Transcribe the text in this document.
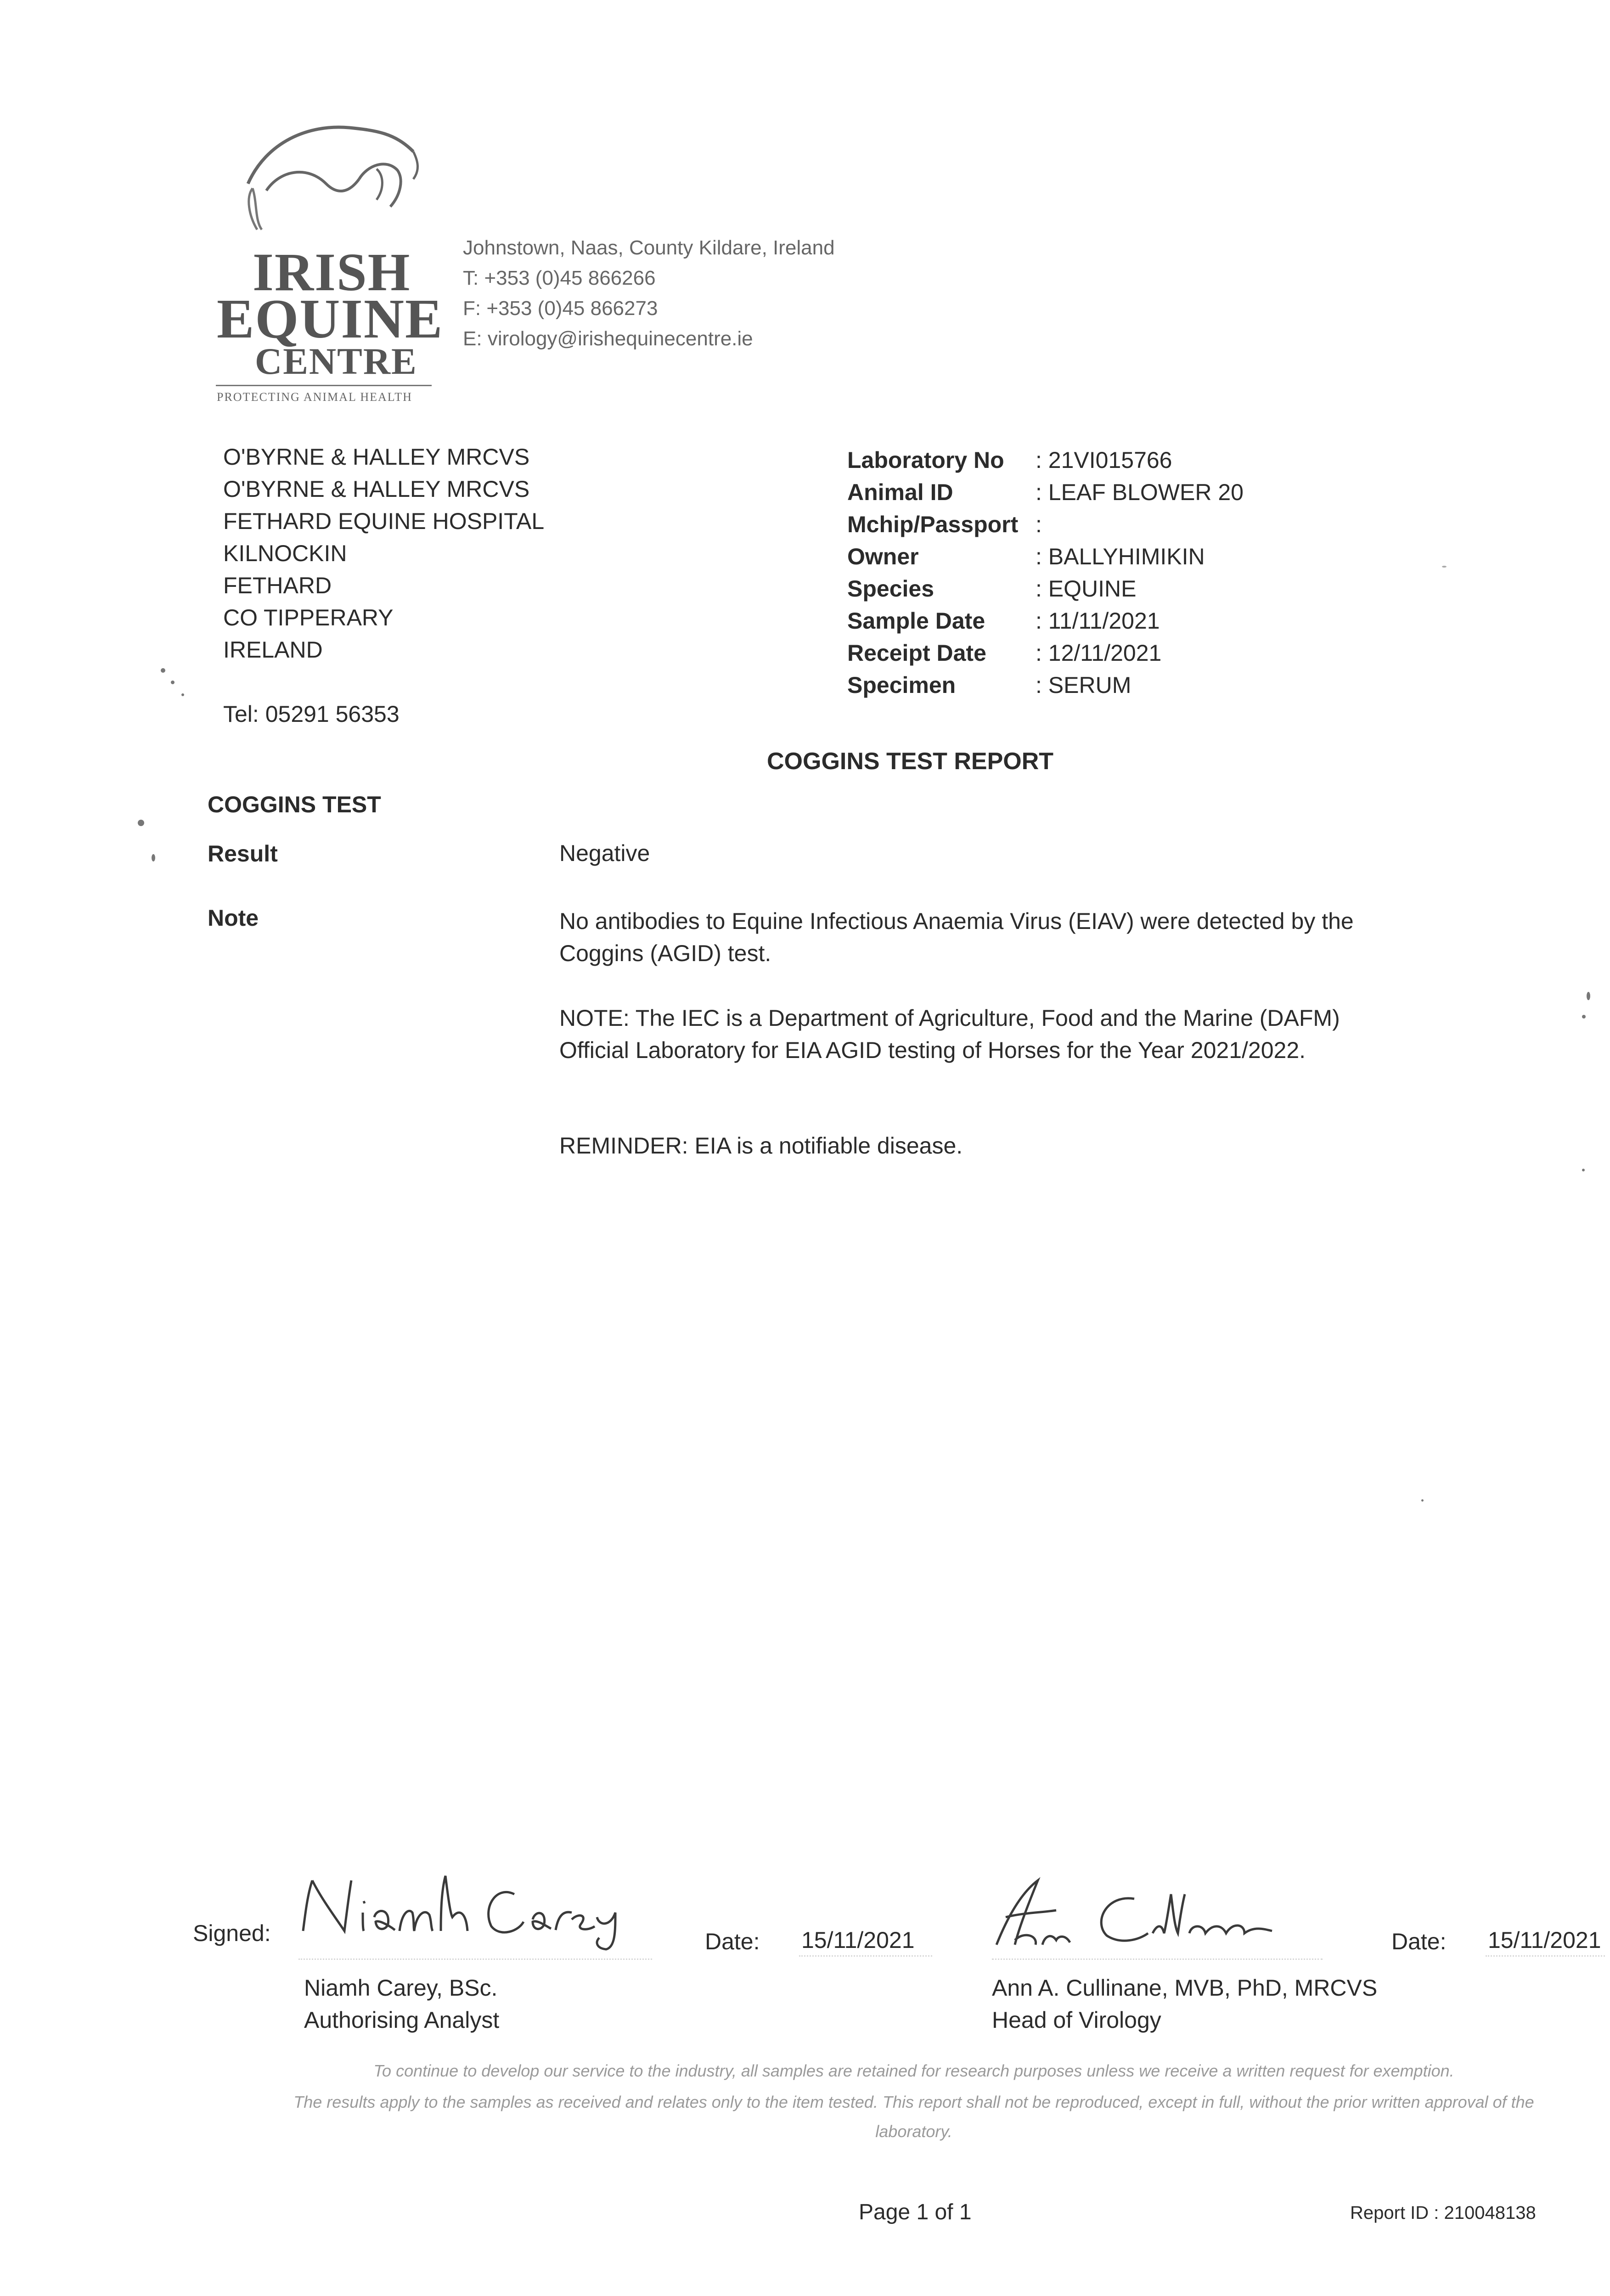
IRISH
EQUINE
CENTRE
PROTECTING ANIMAL HEALTH
Johnstown, Naas, County Kildare, Ireland
T: +353 (0)45 866266
F: +353 (0)45 866273
E: virology@irishequinecentre.ie
O'BYRNE & HALLEY MRCVS
O'BYRNE & HALLEY MRCVS
FETHARD EQUINE HOSPITAL
KILNOCKIN
FETHARD
CO TIPPERARY
IRELAND
Tel: 05291 56353
Laboratory No : 21VI015766
Animal ID	: LEAF BLOWER 20
Mchip/Passport :
Owner	: BALLYHIMIKIN
Species	: EQUINE
Sample Date : 11/11/2021
Receipt Date : 12/11/2021
Specimen	: SERUM
COGGINS TEST REPORT
COGGINS TEST
Result	Negative
Note	No antibodies to Equine Infectious Anaemia Virus (EIAV) were detected by the Coggins (AGID) test.
NOTE: The IEC is a Department of Agriculture, Food and the Marine (DAFM) Official Laboratory for EIA AGID testing of Horses for the Year 2021/2022.
REMINDER: EIA is a notifiable disease.
Signed:	Date: 15/11/2021
Niamh Carey, BSc.
Authorising Analyst
Date: 15/11/2021
Ann A. Cullinane, MVB, PhD, MRCVS
Head of Virology
To continue to develop our service to the industry, all samples are retained for research purposes unless we receive a written request for exemption.
The results apply to the samples as received and relates only to the item tested. This report shall not be reproduced, except in full, without the prior written approval of the laboratory.
Page 1 of 1	Report ID : 210048138
